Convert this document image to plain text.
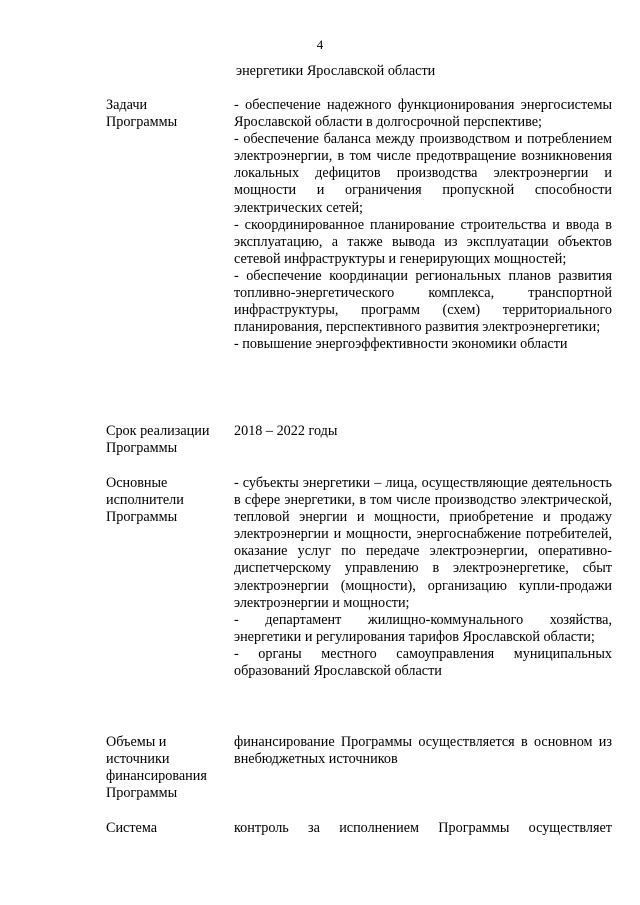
4
энергетики Ярославской области
Задачи
Программы
- обеспечение надежного функционирования энергосистемы Ярославской области в долгосрочной перспективе;
- обеспечение баланса между производством и потреблением электроэнергии, в том числе предотвращение возникновения локальных дефицитов производства электроэнергии и мощности и ограничения пропускной способности электрических сетей;
- скоординированное планирование строительства и ввода в эксплуатацию, а также вывода из эксплуатации объектов сетевой инфраструктуры и генерирующих мощностей;
- обеспечение координации региональных планов развития топливно-энергетического комплекса, транспортной инфраструктуры, программ (схем) территориального планирования, перспективного развития электроэнергетики;
- повышение энергоэффективности экономики области
Срок реализации
Программы
2018 – 2022 годы
Основные
исполнители
Программы
- субъекты энергетики – лица, осуществляющие деятельность в сфере энергетики, в том числе производство электрической, тепловой энергии и мощности, приобретение и продажу электроэнергии и мощности, энергоснабжение потребителей, оказание услуг по передаче электроэнергии, оперативно-диспетчерскому управлению в электроэнергетике, сбыт электроэнергии (мощности), организацию купли-продажи электроэнергии и мощности;
- департамент жилищно-коммунального хозяйства, энергетики и регулирования тарифов Ярославской области;
- органы местного самоуправления муниципальных образований Ярославской области
Объемы и
источники
финансирования
Программы
финансирование Программы осуществляется в основном из внебюджетных источников
Система	контроль за исполнением Программы осуществляет
